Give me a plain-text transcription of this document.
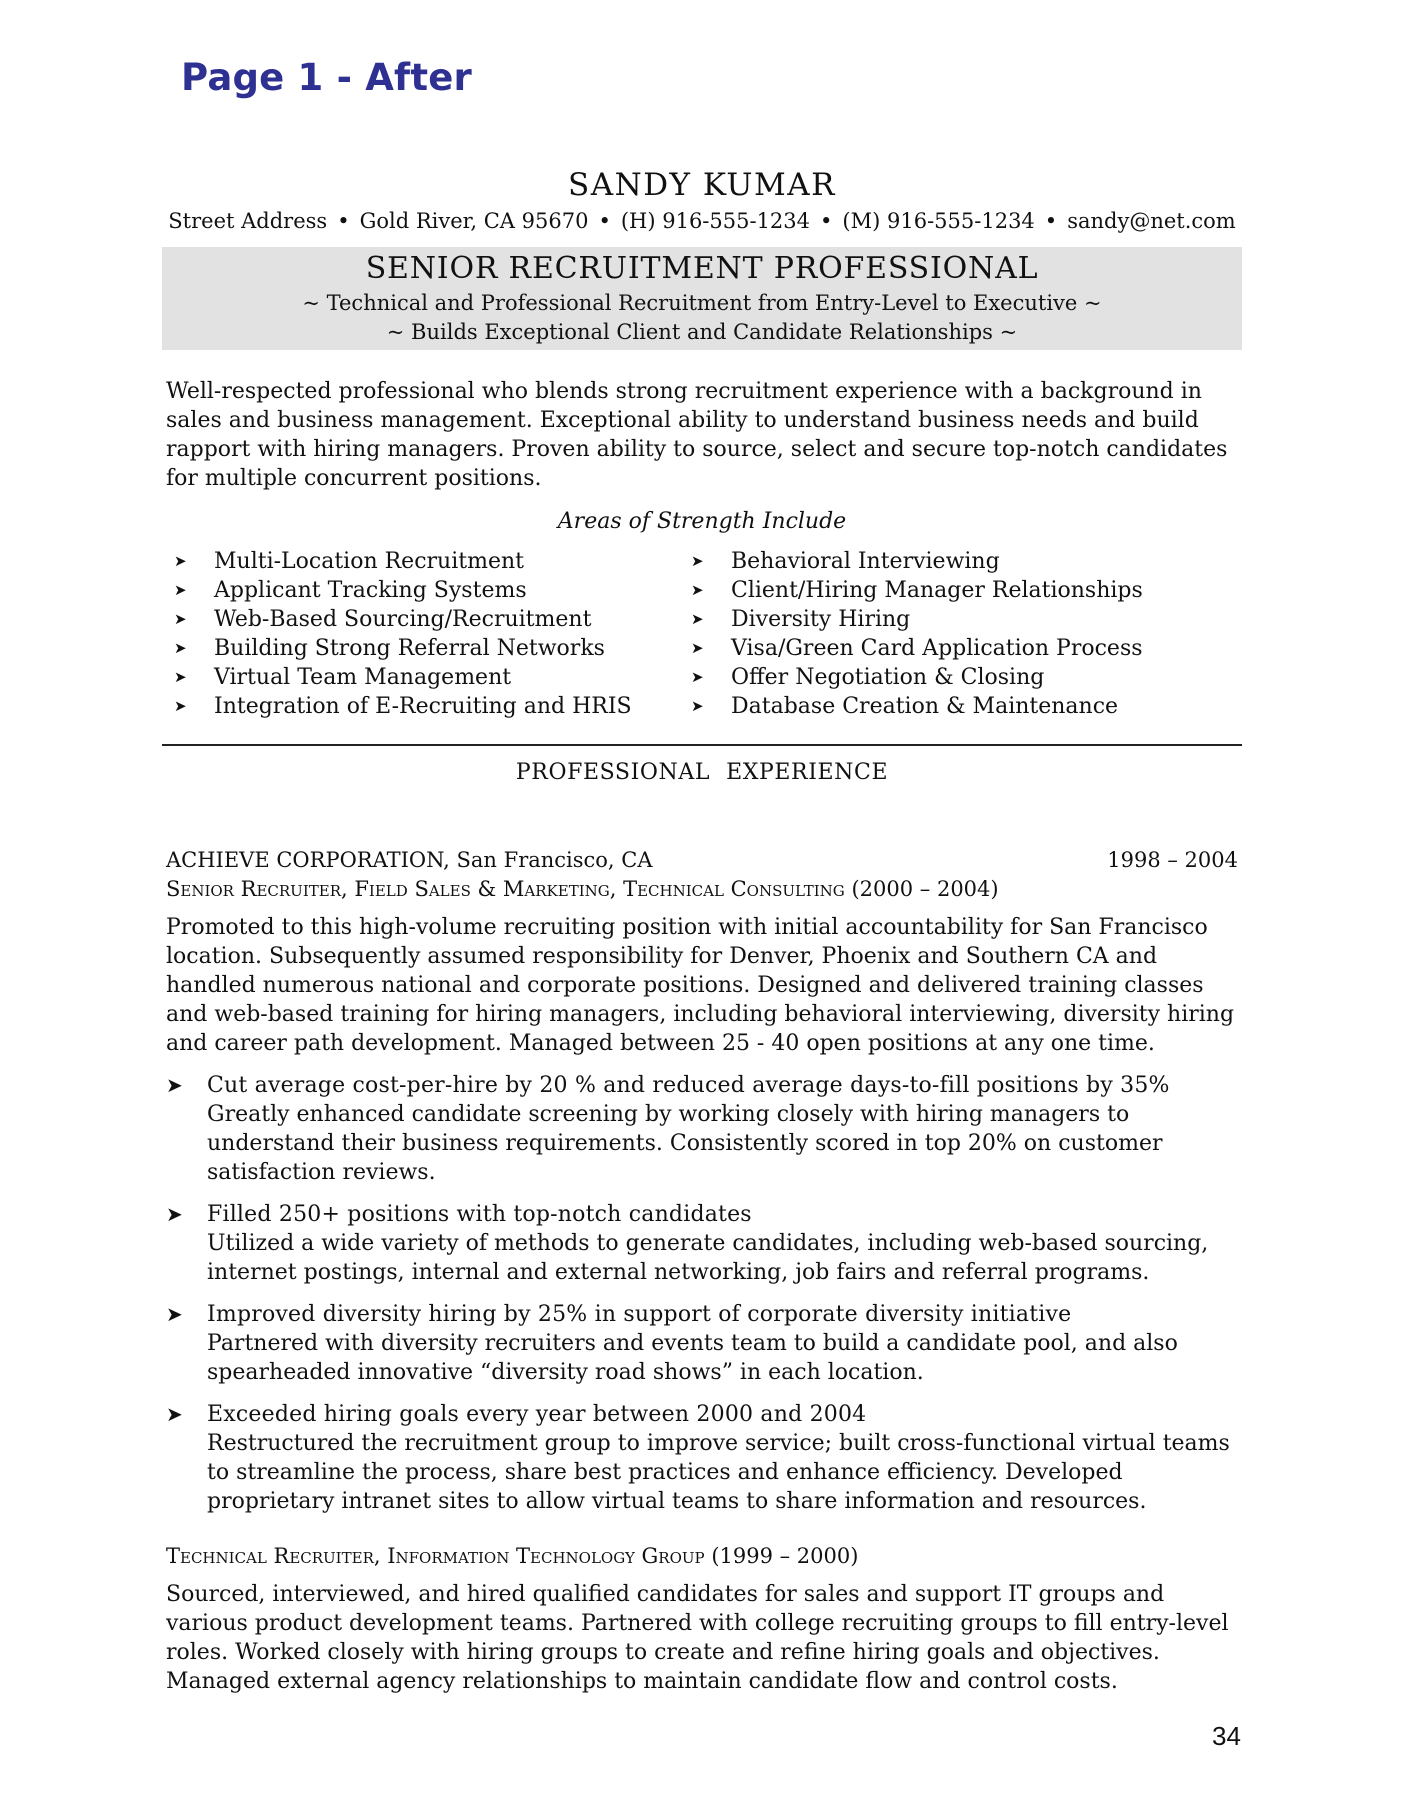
Page 1 - After
SANDY KUMAR
Street Address • Gold River, CA 95670 • (H) 916-555-1234 • (M) 916-555-1234 • sandy@net.com
SENIOR RECRUITMENT PROFESSIONAL
~ Technical and Professional Recruitment from Entry-Level to Executive ~
~ Builds Exceptional Client and Candidate Relationships ~
Well-respected professional who blends strong recruitment experience with a background in sales and business management. Exceptional ability to understand business needs and build rapport with hiring managers. Proven ability to source, select and secure top-notch candidates for multiple concurrent positions.
Areas of Strength Include
➤	Multi-Location Recruitment
➤	Applicant Tracking Systems
➤	Web-Based Sourcing/Recruitment
➤	Building Strong Referral Networks
➤	Virtual Team Management
➤	Integration of E-Recruiting and HRIS
➤	Behavioral Interviewing
➤	Client/Hiring Manager Relationships
➤	Diversity Hiring
➤	Visa/Green Card Application Process
➤	Offer Negotiation & Closing
➤	Database Creation & Maintenance
PROFESSIONAL EXPERIENCE
ACHIEVE CORPORATION, San Francisco, CA	1998 – 2004
Senior Recruiter, Field Sales & Marketing, Technical Consulting (2000 – 2004)
Promoted to this high-volume recruiting position with initial accountability for San Francisco location. Subsequently assumed responsibility for Denver, Phoenix and Southern CA and handled numerous national and corporate positions. Designed and delivered training classes and web-based training for hiring managers, including behavioral interviewing, diversity hiring and career path development. Managed between 25 - 40 open positions at any one time.
➤	Cut average cost-per-hire by 20 % and reduced average days-to-fill positions by 35%
Greatly enhanced candidate screening by working closely with hiring managers to understand their business requirements. Consistently scored in top 20% on customer satisfaction reviews.
➤	Filled 250+ positions with top-notch candidates
Utilized a wide variety of methods to generate candidates, including web-based sourcing, internet postings, internal and external networking, job fairs and referral programs.
➤	Improved diversity hiring by 25% in support of corporate diversity initiative
Partnered with diversity recruiters and events team to build a candidate pool, and also spearheaded innovative “diversity road shows” in each location.
➤	Exceeded hiring goals every year between 2000 and 2004
Restructured the recruitment group to improve service; built cross-functional virtual teams to streamline the process, share best practices and enhance efficiency. Developed proprietary intranet sites to allow virtual teams to share information and resources.
Technical Recruiter, Information Technology Group (1999 – 2000)
Sourced, interviewed, and hired qualified candidates for sales and support IT groups and various product development teams. Partnered with college recruiting groups to fill entry-level roles. Worked closely with hiring groups to create and refine hiring goals and objectives. Managed external agency relationships to maintain candidate flow and control costs.
34
